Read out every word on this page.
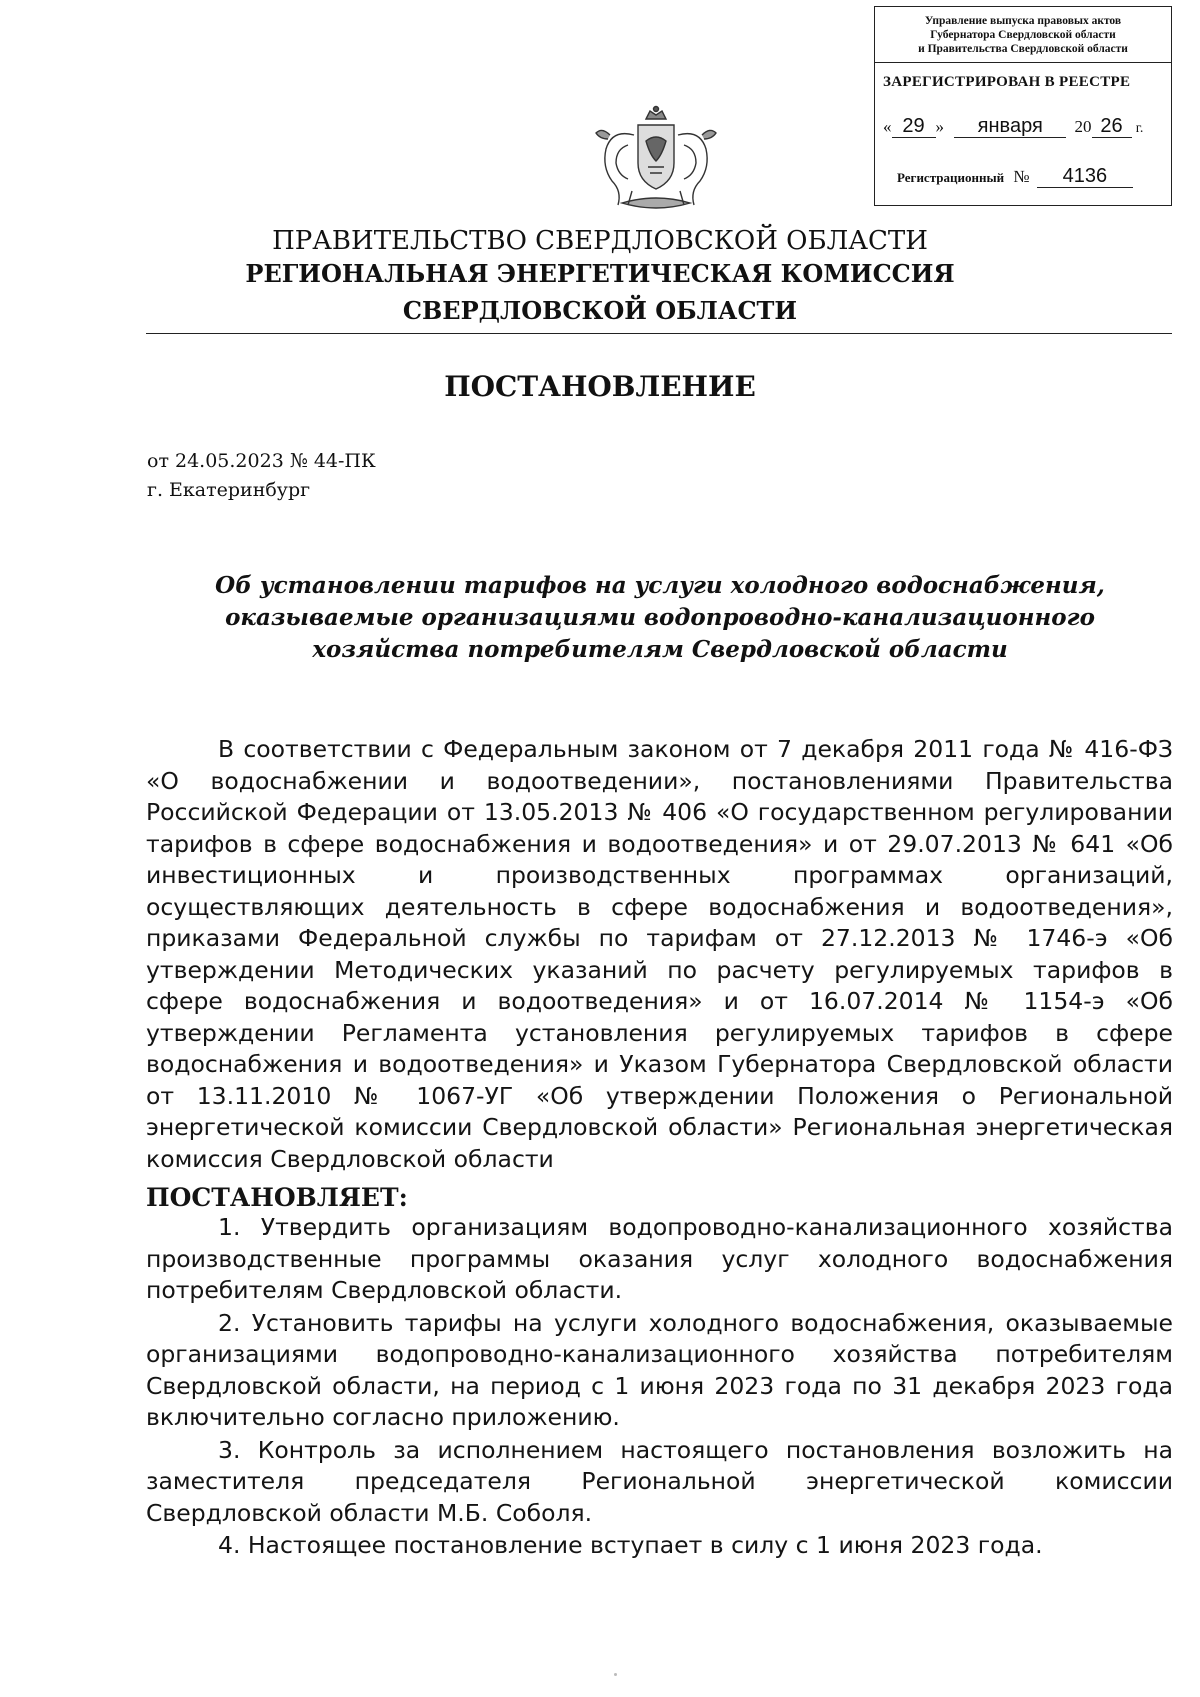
Управление выпуска правовых актов
Губернатора Свердловской области
и Правительства Свердловской области
ЗАРЕГИСТРИРОВАН В РЕЕСТРЕ
« 29 » января 20 26 г.
Регистрационный № 4136
ПРАВИТЕЛЬСТВО СВЕРДЛОВСКОЙ ОБЛАСТИ
РЕГИОНАЛЬНАЯ ЭНЕРГЕТИЧЕСКАЯ КОМИССИЯ
СВЕРДЛОВСКОЙ ОБЛАСТИ
ПОСТАНОВЛЕНИЕ
от 24.05.2023 № 44-ПК
г. Екатеринбург
Об установлении тарифов на услуги холодного водоснабжения, оказываемые организациями водопроводно-канализационного хозяйства потребителям Свердловской области

В соответствии с Федеральным законом от 7 декабря 2011 года № 416-ФЗ «О водоснабжении и водоотведении», постановлениями Правительства Российской Федерации от 13.05.2013 № 406 «О государственном регулировании тарифов в сфере водоснабжения и водоотведения» и от 29.07.2013 № 641 «Об инвестиционных и производственных программах организаций, осуществляющих деятельность в сфере водоснабжения и водоотведения», приказами Федеральной службы по тарифам от 27.12.2013 № 1746-э «Об утверждении Методических указаний по расчету регулируемых тарифов в сфере водоснабжения и водоотведения» и от 16.07.2014 № 1154-э «Об утверждении Регламента установления регулируемых тарифов в сфере водоснабжения и водоотведения» и Указом Губернатора Свердловской области от 13.11.2010 № 1067-УГ «Об утверждении Положения о Региональной энергетической комиссии Свердловской области» Региональная энергетическая комиссия Свердловской области

ПОСТАНОВЛЯЕТ:

1. Утвердить организациям водопроводно-канализационного хозяйства производственные программы оказания услуг холодного водоснабжения потребителям Свердловской области.

2. Установить тарифы на услуги холодного водоснабжения, оказываемые организациями водопроводно-канализационного хозяйства потребителям Свердловской области, на период с 1 июня 2023 года по 31 декабря 2023 года включительно согласно приложению.

3. Контроль за исполнением настоящего постановления возложить на заместителя председателя Региональной энергетической комиссии Свердловской области М.Б. Соболя.

4. Настоящее постановление вступает в силу с 1 июня 2023 года.
